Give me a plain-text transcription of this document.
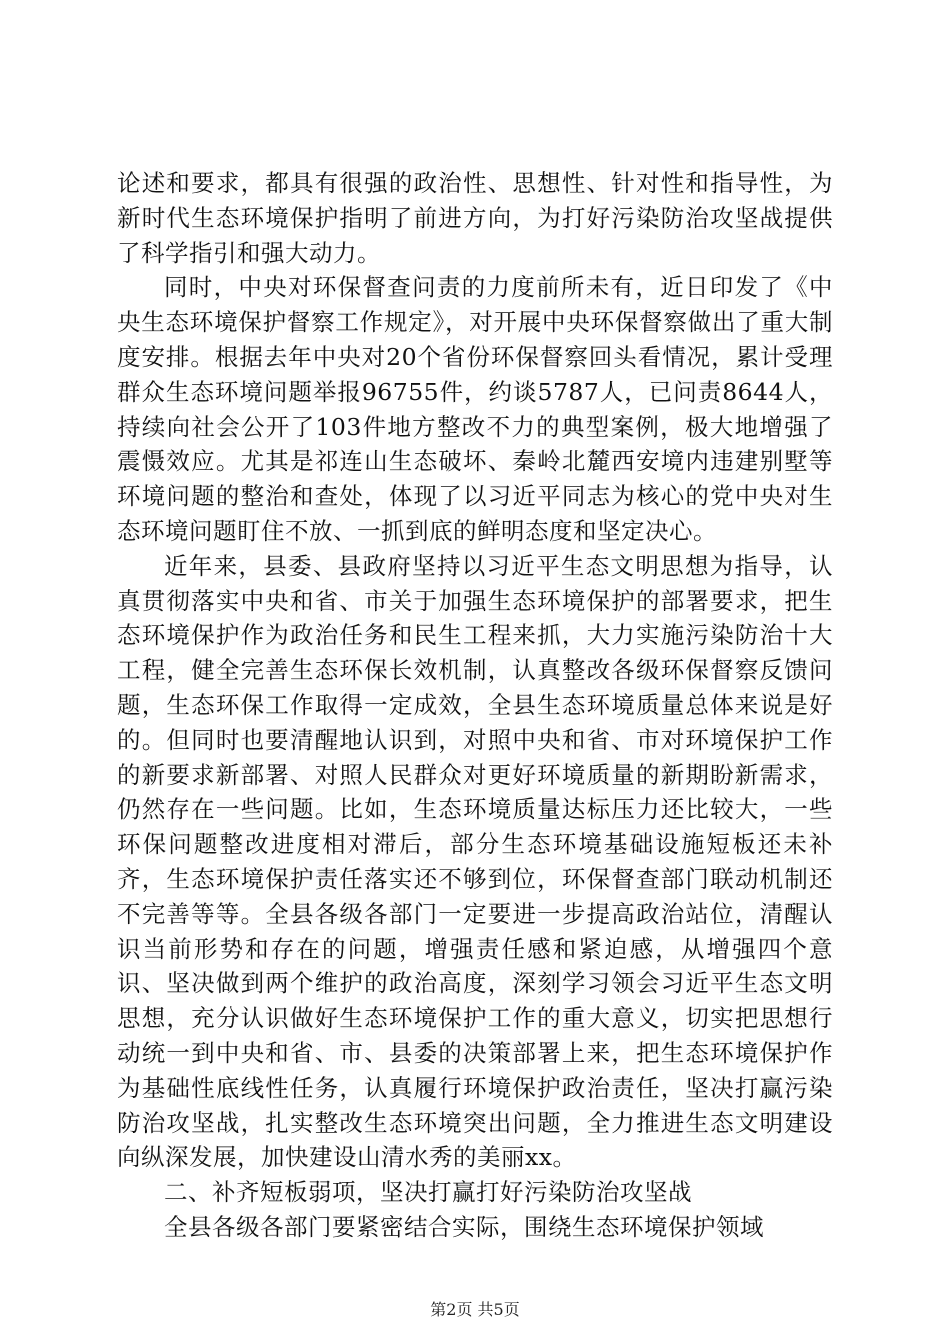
论述和要求，都具有很强的政治性、思想性、针对性和指导性，为新时代生态环境保护指明了前进方向，为打好污染防治攻坚战提供了科学指引和强大动力。

同时，中央对环保督查问责的力度前所未有，近日印发了《中央生态环境保护督察工作规定》，对开展中央环保督察做出了重大制度安排。根据去年中央对20个省份环保督察回头看情况，累计受理群众生态环境问题举报96755件，约谈5787人，已问责8644人，持续向社会公开了103件地方整改不力的典型案例，极大地增强了震慑效应。尤其是祁连山生态破坏、秦岭北麓西安境内违建别墅等环境问题的整治和查处，体现了以习近平同志为核心的党中央对生态环境问题盯住不放、一抓到底的鲜明态度和坚定决心。

近年来，县委、县政府坚持以习近平生态文明思想为指导，认真贯彻落实中央和省、市关于加强生态环境保护的部署要求，把生态环境保护作为政治任务和民生工程来抓，大力实施污染防治十大工程，健全完善生态环保长效机制，认真整改各级环保督察反馈问题，生态环保工作取得一定成效，全县生态环境质量总体来说是好的。但同时也要清醒地认识到，对照中央和省、市对环境保护工作的新要求新部署、对照人民群众对更好环境质量的新期盼新需求，仍然存在一些问题。比如，生态环境质量达标压力还比较大，一些环保问题整改进度相对滞后，部分生态环境基础设施短板还未补齐，生态环境保护责任落实还不够到位，环保督查部门联动机制还不完善等等。全县各级各部门一定要进一步提高政治站位，清醒认识当前形势和存在的问题，增强责任感和紧迫感，从增强四个意识、坚决做到两个维护的政治高度，深刻学习领会习近平生态文明思想，充分认识做好生态环境保护工作的重大意义，切实把思想行动统一到中央和省、市、县委的决策部署上来，把生态环境保护作为基础性底线性任务，认真履行环境保护政治责任，坚决打赢污染防治攻坚战，扎实整改生态环境突出问题，全力推进生态文明建设向纵深发展，加快建设山清水秀的美丽xx。

二、补齐短板弱项，坚决打赢打好污染防治攻坚战

全县各级各部门要紧密结合实际，围绕生态环境保护领域

第2页 共5页
